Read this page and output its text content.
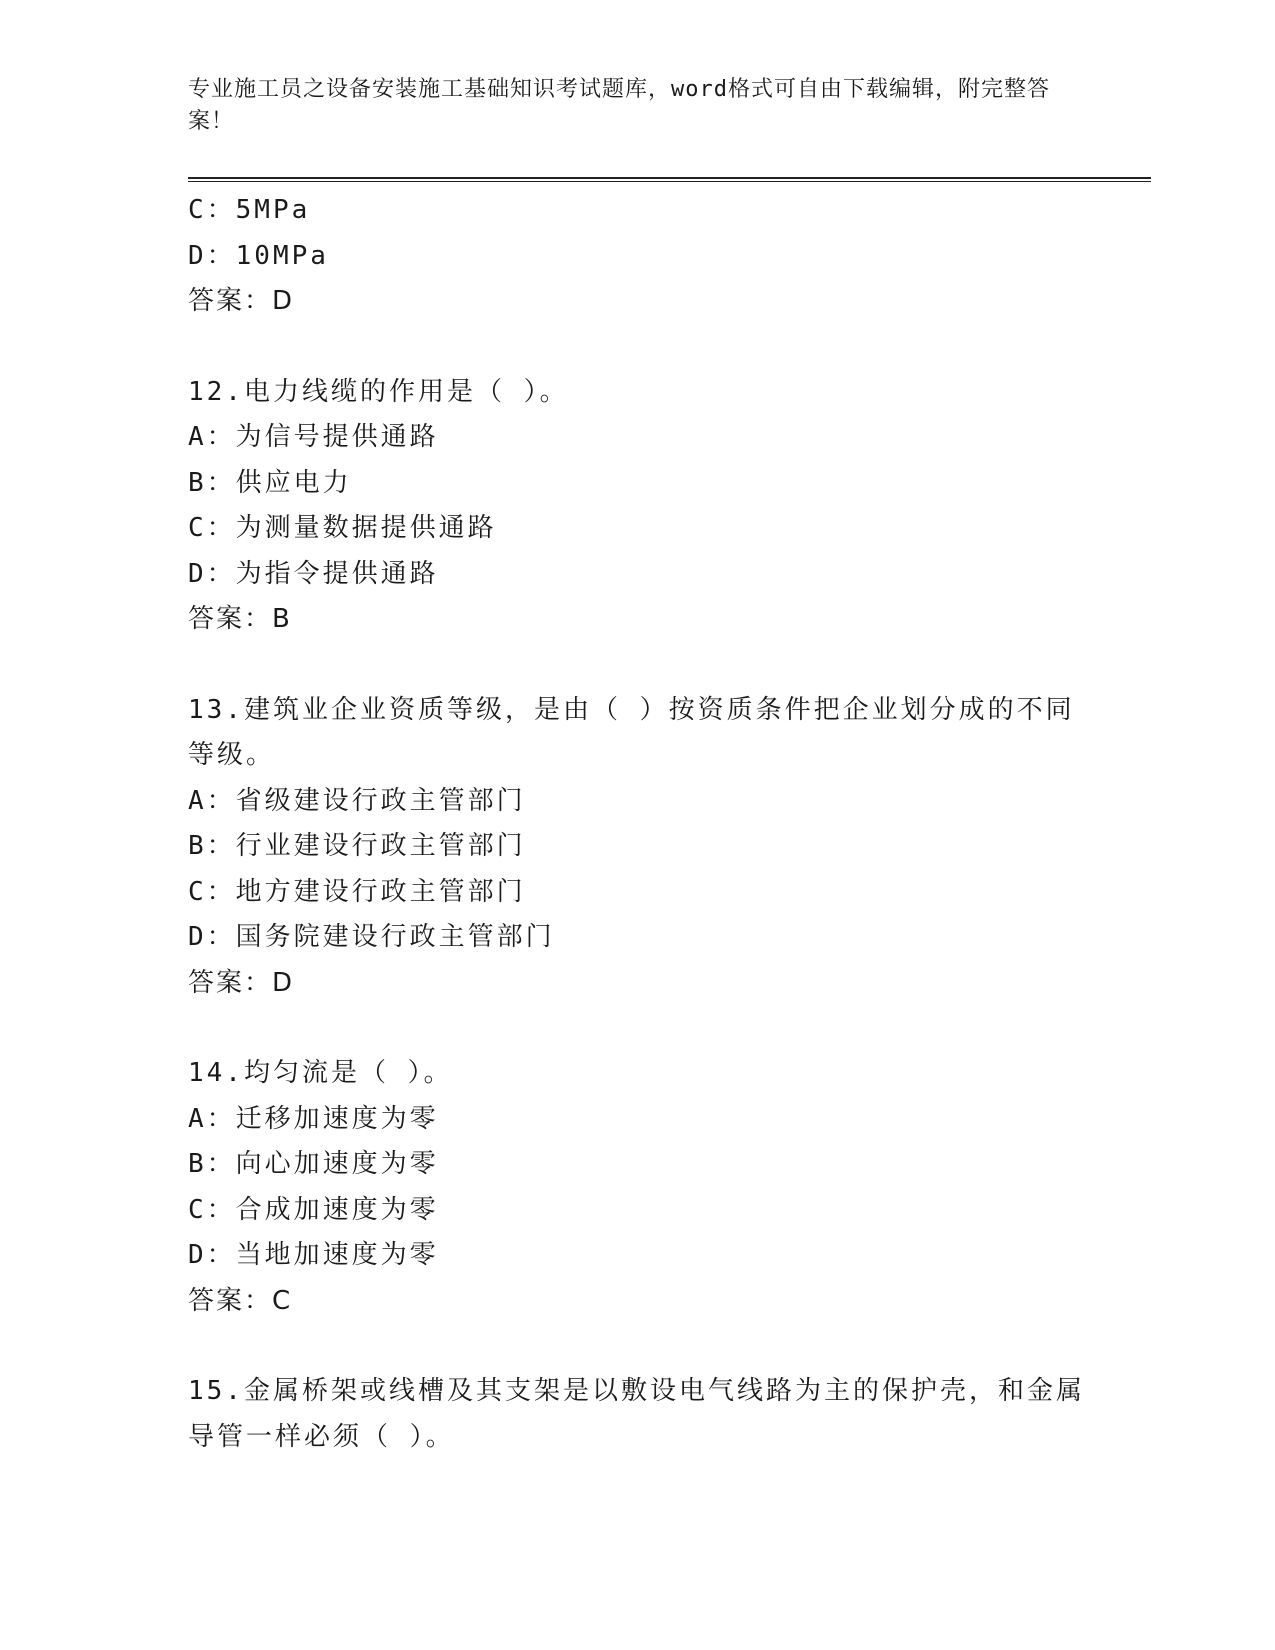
专业施工员之设备安装施工基础知识考试题库，word格式可自由下载编辑，附完整答案！
C：5MPa
D：10MPa
答案：D
12.电力线缆的作用是（ ）。
A：为信号提供通路
B：供应电力
C：为测量数据提供通路
D：为指令提供通路
答案：B
13.建筑业企业资质等级，是由（ ）按资质条件把企业划分成的不同等级。
A：省级建设行政主管部门
B：行业建设行政主管部门
C：地方建设行政主管部门
D：国务院建设行政主管部门
答案：D
14.均匀流是（ ）。
A：迁移加速度为零
B：向心加速度为零
C：合成加速度为零
D：当地加速度为零
答案：C
15.金属桥架或线槽及其支架是以敷设电气线路为主的保护壳，和金属导管一样必须（ ）。
